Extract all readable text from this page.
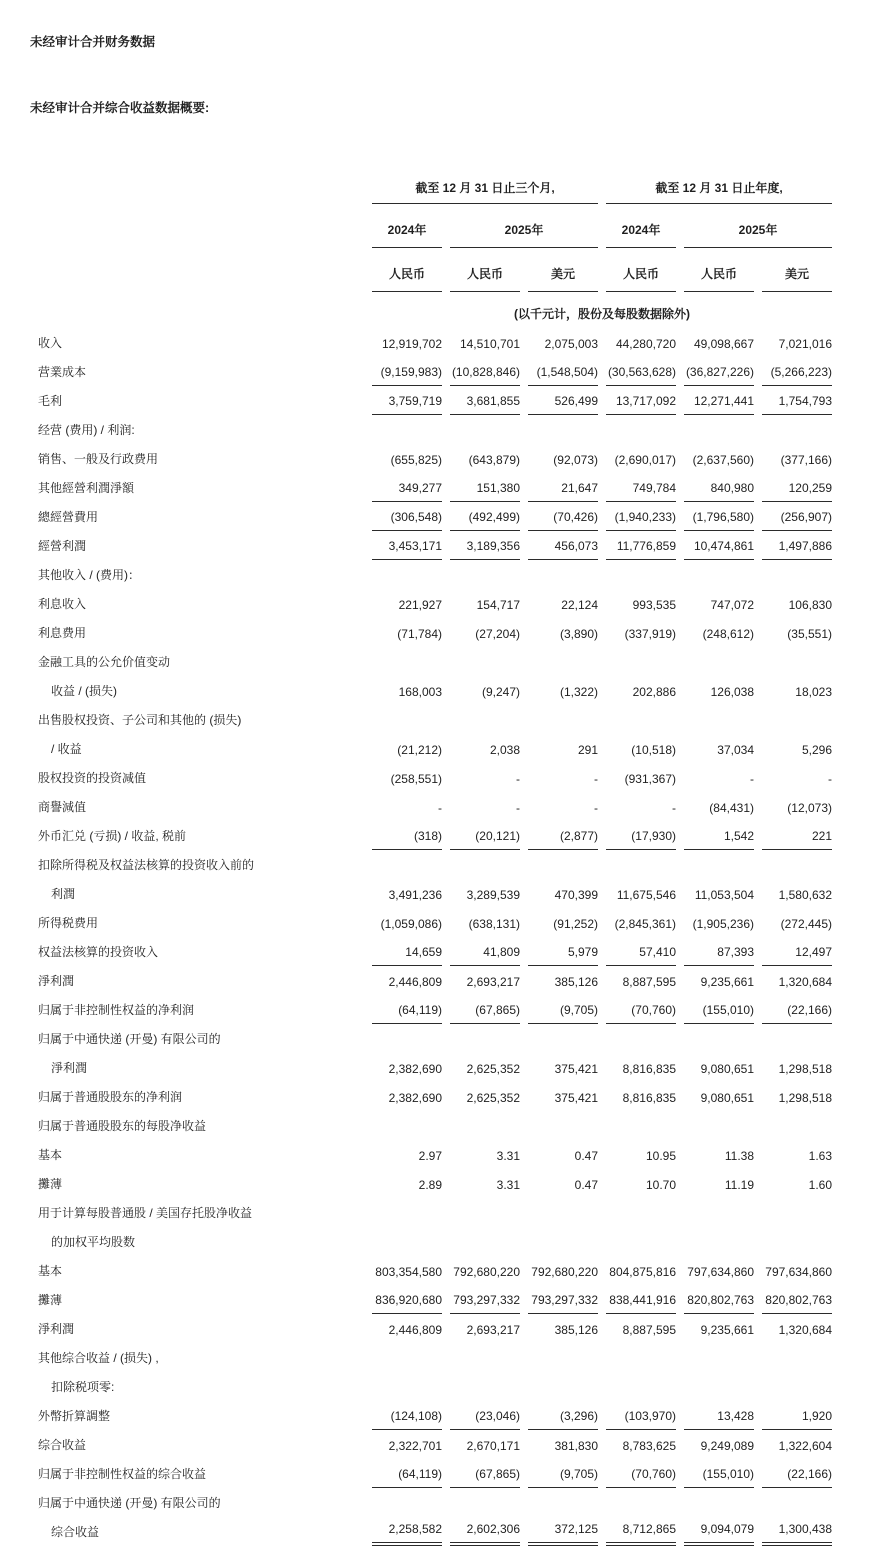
未经审计合并财务数据
未经审计合并综合收益数据概要:
	截至 12 月 31 日止三个月,			截至 12 月 31 日止年度,		
	2024年	2025年		2024年	2025年	
	人民币	人民币	美元	人民币	人民币	美元
	(以千元计，股份及每股数据除外)					
收入	12,919,702	14,510,701	2,075,003	44,280,720	49,098,667	7,021,016
营業成本	(9,159,983)	(10,828,846)	(1,548,504)	(30,563,628)	(36,827,226)	(5,266,223)
毛利	3,759,719	3,681,855	526,499	13,717,092	12,271,441	1,754,793
经营 (费用) / 利润:						
销售、一般及行政费用	(655,825)	(643,879)	(92,073)	(2,690,017)	(2,637,560)	(377,166)
其他經營利潤淨額	349,277	151,380	21,647	749,784	840,980	120,259
總經營費用	(306,548)	(492,499)	(70,426)	(1,940,233)	(1,796,580)	(256,907)
經營利潤	3,453,171	3,189,356	456,073	11,776,859	10,474,861	1,497,886
其他收入 / (费用)：						
利息收入	221,927	154,717	22,124	993,535	747,072	106,830
利息费用	(71,784)	(27,204)	(3,890)	(337,919)	(248,612)	(35,551)
金融工具的公允价值变动						
收益 / (损失)	168,003	(9,247)	(1,322)	202,886	126,038	18,023
出售股权投资、子公司和其他的 (损失)						
/ 收益	(21,212)	2,038	291	(10,518)	37,034	5,296
股权投资的投资减值	(258,551)	-	-	(931,367)	-	-
商譽減值	-	-	-	-	(84,431)	(12,073)
外币汇兑 (亏损) / 收益, 税前	(318)	(20,121)	(2,877)	(17,930)	1,542	221
扣除所得税及权益法核算的投资收入前的						
利潤	3,491,236	3,289,539	470,399	11,675,546	11,053,504	1,580,632
所得税费用	(1,059,086)	(638,131)	(91,252)	(2,845,361)	(1,905,236)	(272,445)
权益法核算的投资收入	14,659	41,809	5,979	57,410	87,393	12,497
淨利潤	2,446,809	2,693,217	385,126	8,887,595	9,235,661	1,320,684
归属于非控制性权益的净利润	(64,119)	(67,865)	(9,705)	(70,760)	(155,010)	(22,166)
归属于中通快递 (开曼) 有限公司的						
淨利潤	2,382,690	2,625,352	375,421	8,816,835	9,080,651	1,298,518
归属于普通股股东的净利润	2,382,690	2,625,352	375,421	8,816,835	9,080,651	1,298,518
归属于普通股股东的每股净收益						
基本	2.97	3.31	0.47	10.95	11.38	1.63
攤薄	2.89	3.31	0.47	10.70	11.19	1.60
用于计算每股普通股 / 美国存托股净收益						
的加权平均股数						
基本	803,354,580	792,680,220	792,680,220	804,875,816	797,634,860	797,634,860
攤薄	836,920,680	793,297,332	793,297,332	838,441,916	820,802,763	820,802,763
淨利潤	2,446,809	2,693,217	385,126	8,887,595	9,235,661	1,320,684
其他综合收益 / (损失) ,						
扣除税项零:						
外幣折算調整	(124,108)	(23,046)	(3,296)	(103,970)	13,428	1,920
综合收益	2,322,701	2,670,171	381,830	8,783,625	9,249,089	1,322,604
归属于非控制性权益的综合收益	(64,119)	(67,865)	(9,705)	(70,760)	(155,010)	(22,166)
归属于中通快递 (开曼) 有限公司的						
综合收益	2,258,582	2,602,306	372,125	8,712,865	9,094,079	1,300,438
